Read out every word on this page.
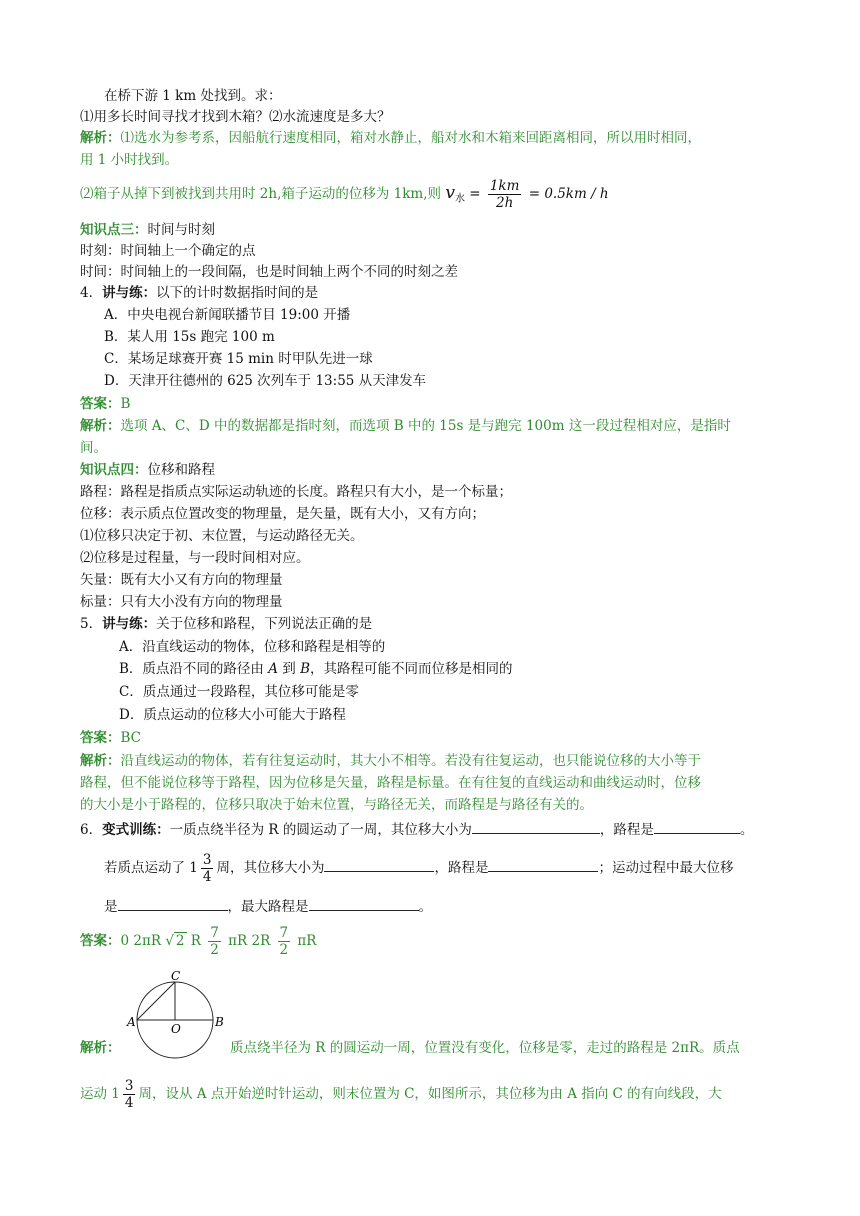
在桥下游 1 km 处找到。求：
⑴用多长时间寻找才找到木箱？⑵水流速度是多大？
解析：⑴选水为参考系，因船航行速度相同，箱对水静止，船对水和木箱来回距离相同，所以用时相同，
用 1 小时找到。
⑵箱子从掉下到被找到共用时 2h,箱子运动的位移为 1km,则 $v_水 = \frac{1km}{2h} = 0.5km / h$
知识点三：时间与时刻
时刻：时间轴上一个确定的点
时间：时间轴上的一段间隔，也是时间轴上两个不同的时刻之差
4．讲与练：以下的计时数据指时间的是
A．中央电视台新闻联播节目 19:00 开播
B．某人用 15s 跑完 100 m
C．某场足球赛开赛 15 min 时甲队先进一球
D．天津开往德州的 625 次列车于 13:55 从天津发车
答案：B
解析：选项 A、C、D 中的数据都是指时刻，而选项 B 中的 15s 是与跑完 100m 这一段过程相对应，是指时
间。
知识点四：位移和路程
路程：路程是指质点实际运动轨迹的长度。路程只有大小，是一个标量；
位移：表示质点位置改变的物理量，是矢量，既有大小，又有方向；
⑴位移只决定于初、末位置，与运动路径无关。
⑵位移是过程量，与一段时间相对应。
矢量：既有大小又有方向的物理量
标量：只有大小没有方向的物理量
5．讲与练：关于位移和路程，下列说法正确的是
A．沿直线运动的物体，位移和路程是相等的
B．质点沿不同的路径由 A 到 B，其路程可能不同而位移是相同的
C．质点通过一段路程，其位移可能是零
D．质点运动的位移大小可能大于路程
答案：BC
解析：沿直线运动的物体，若有往复运动时，其大小不相等。若没有往复运动，也只能说位移的大小等于
路程，但不能说位移等于路程，因为位移是矢量，路程是标量。在有往复的直线运动和曲线运动时，位移
的大小是小于路程的，位移只取决于始末位置，与路径无关，而路程是与路径有关的。
6．变式训练：一质点绕半径为 R 的圆运动了一周，其位移大小为	，路程是	。
若质点运动了 $1 \frac{3}{4}$ 周，其位移大小为	，路程是	；运动过程中最大位移
是	，最大路程是	。
答案：0 2πR √ 2 R $\frac{7}{2}$ πR $2R \frac{7}{2}$ πR
A	B
C
O
解析：	质点绕半径为 R 的圆运动一周，位置没有变化，位移是零，走过的路程是 2πR。质点
运动 $1 \frac{3}{4}$ 周，设从 A 点开始逆时针运动，则末位置为 C，如图所示，其位移为由 A 指向 C 的有向线段，大
